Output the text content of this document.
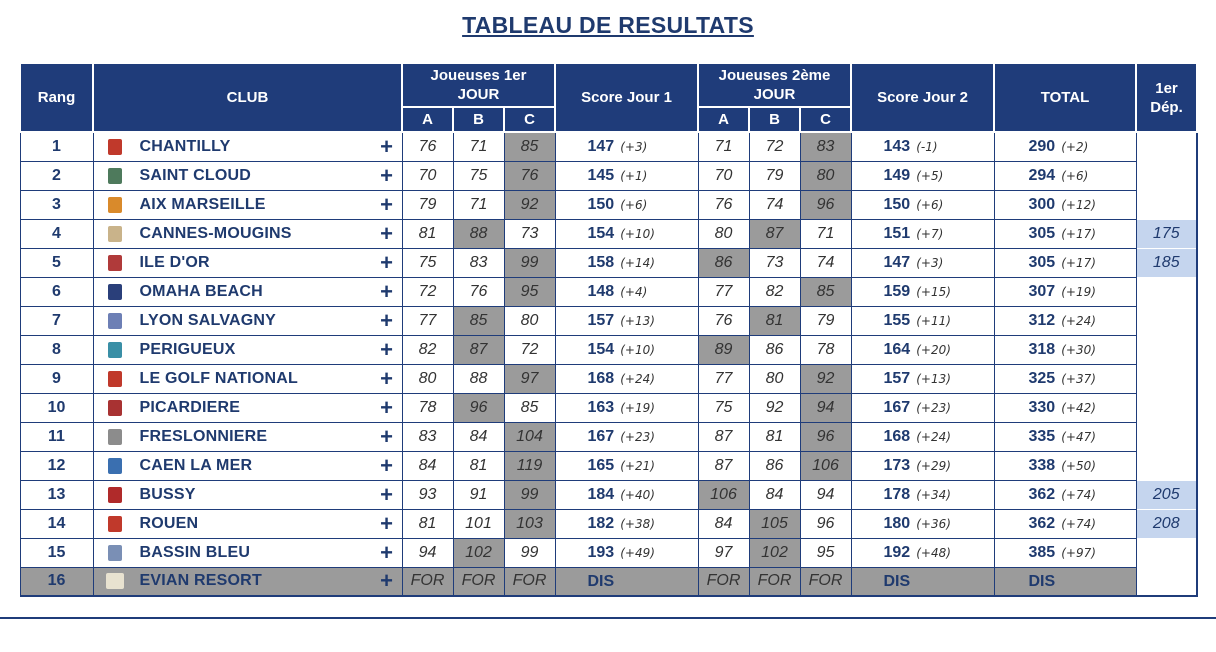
TABLEAU DE RESULTATS
Rang	CLUB	Joueuses 1er JOUR			Score Jour 1	Joueuses 2ème JOUR			Score Jour 2	TOTAL	1er Dép.
		A	B	C		A	B	C			
1	CHANTILLY +	76	71	85	147 (+3)	71	72	83	143 (-1)	290 (+2)	
2	SAINT CLOUD +	70	75	76	145 (+1)	70	79	80	149 (+5)	294 (+6)	
3	AIX MARSEILLE +	79	71	92	150 (+6)	76	74	96	150 (+6)	300 (+12)	
4	CANNES-MOUGINS +	81	88	73	154 (+10)	80	87	71	151 (+7)	305 (+17)	175
5	ILE D'OR +	75	83	99	158 (+14)	86	73	74	147 (+3)	305 (+17)	185
6	OMAHA BEACH +	72	76	95	148 (+4)	77	82	85	159 (+15)	307 (+19)	
7	LYON SALVAGNY +	77	85	80	157 (+13)	76	81	79	155 (+11)	312 (+24)	
8	PERIGUEUX +	82	87	72	154 (+10)	89	86	78	164 (+20)	318 (+30)	
9	LE GOLF NATIONAL +	80	88	97	168 (+24)	77	80	92	157 (+13)	325 (+37)	
10	PICARDIERE +	78	96	85	163 (+19)	75	92	94	167 (+23)	330 (+42)	
11	FRESLONNIERE +	83	84	104	167 (+23)	87	81	96	168 (+24)	335 (+47)	
12	CAEN LA MER +	84	81	119	165 (+21)	87	86	106	173 (+29)	338 (+50)	
13	BUSSY +	93	91	99	184 (+40)	106	84	94	178 (+34)	362 (+74)	205
14	ROUEN +	81	101	103	182 (+38)	84	105	96	180 (+36)	362 (+74)	208
15	BASSIN BLEU +	94	102	99	193 (+49)	97	102	95	192 (+48)	385 (+97)	
16	EVIAN RESORT +	FOR	FOR	FOR	DIS	FOR	FOR	FOR	DIS	DIS	
